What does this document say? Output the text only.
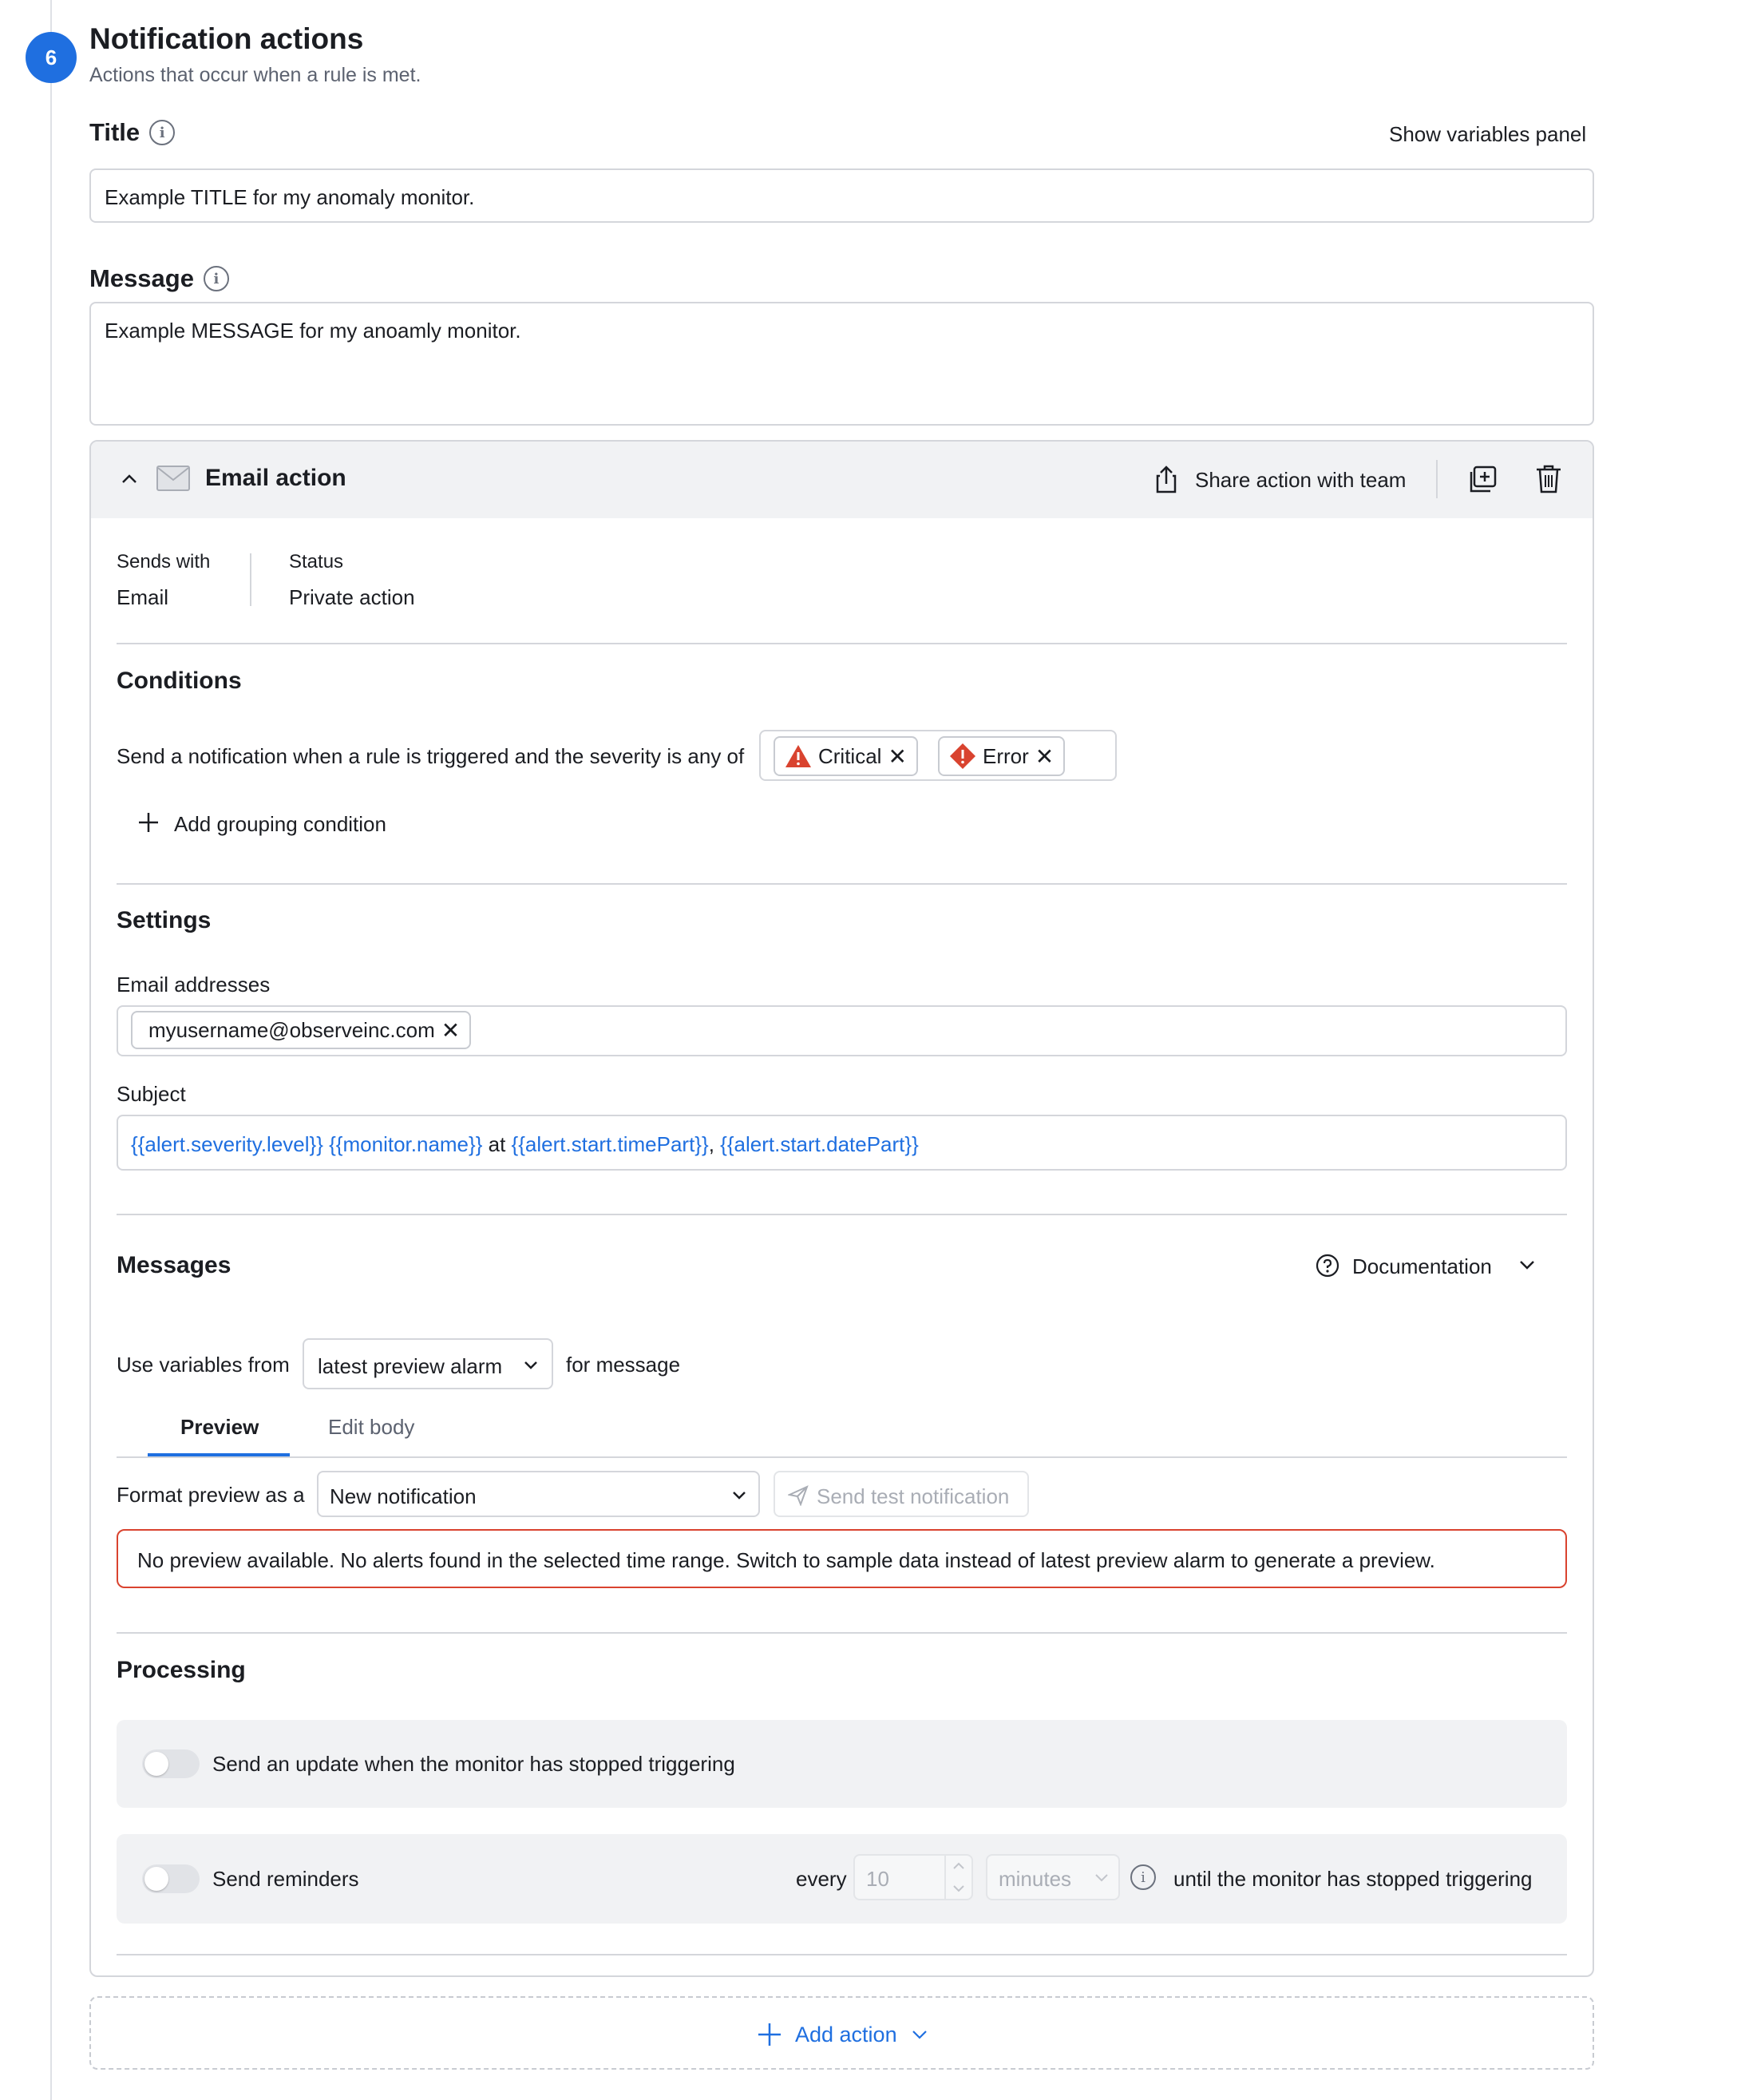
6
Notification actions
Actions that occur when a rule is met.
Title	i	Show variables panel
Example TITLE for my anomaly monitor.
Message	i
Example MESSAGE for my anoamly monitor.
Email action	Share action with team
Sends with
Email
Status
Private action
Conditions
Send a notification when a rule is triggered and the severity is any of	Critical ✕	Error ✕
Add grouping condition
Settings
Email addresses
myusername@observeinc.com ✕
Subject
{{alert.severity.level}} {{monitor.name}} at {{alert.start.timePart}}, {{alert.start.datePart}}
Messages	Documentation
Use variables from latest preview alarm	for message
Preview	Edit body
Format preview as a New notification	Send test notification
No preview available. No alerts found in the selected time range. Switch to sample data instead of latest preview alarm to generate a preview.
Processing
Send an update when the monitor has stopped triggering
Send reminders	every 10	minutes	i	until the monitor has stopped triggering
Add action
